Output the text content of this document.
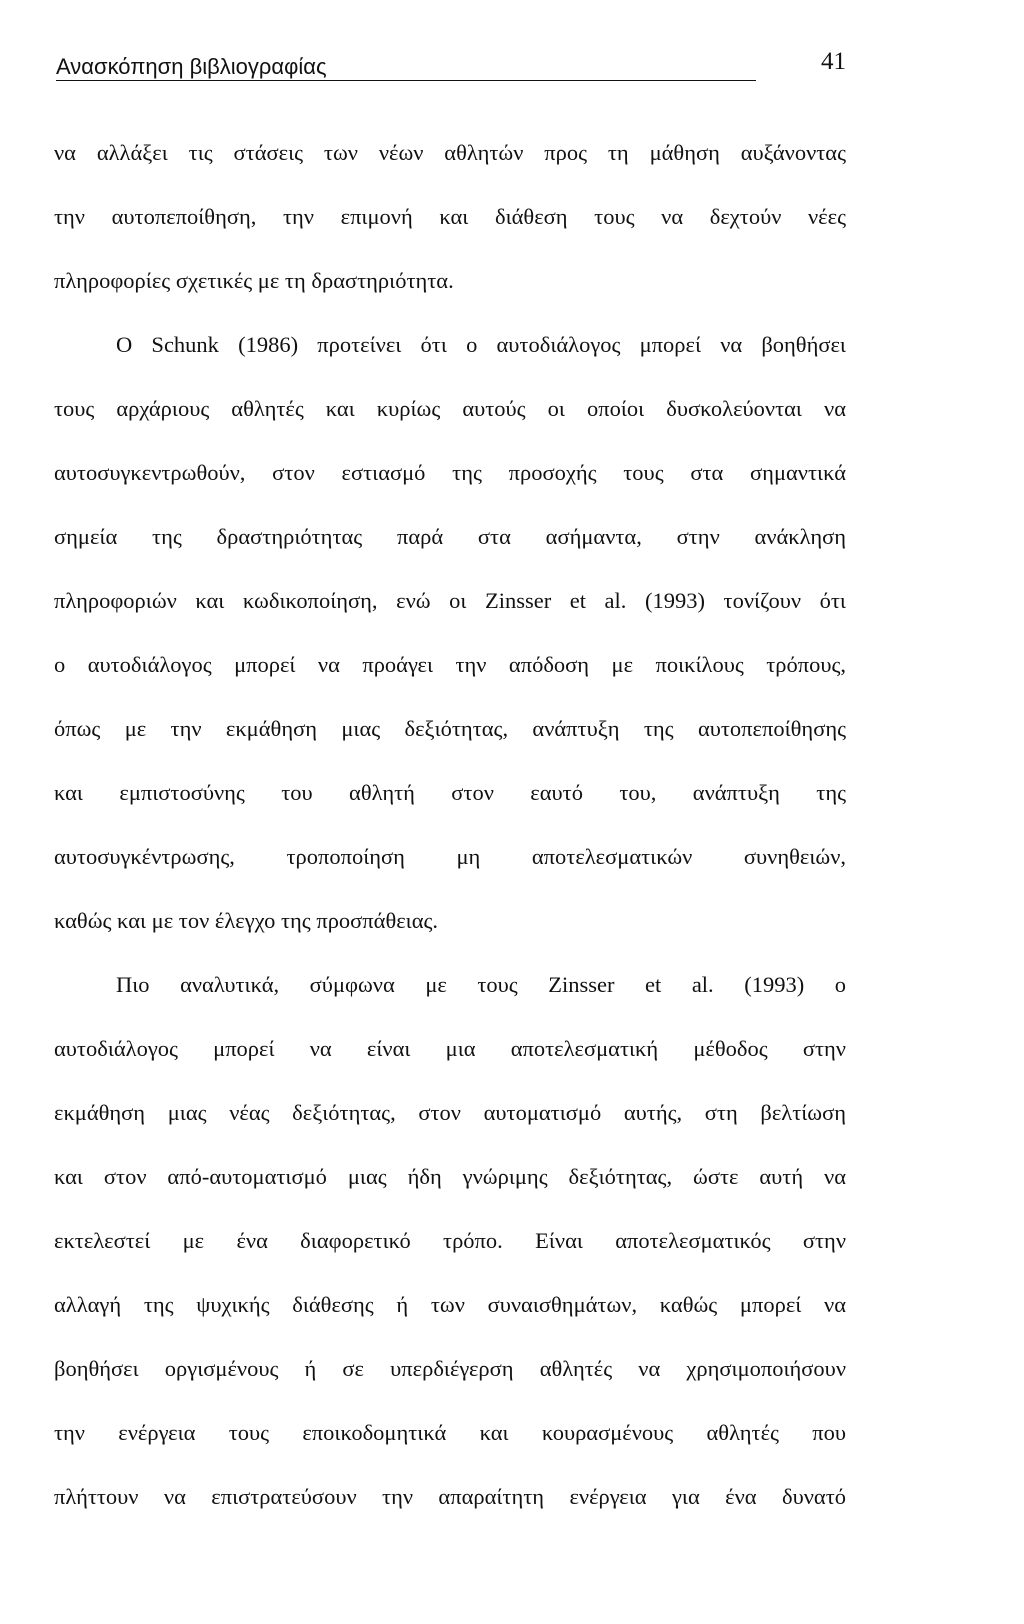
Ανασκόπηση βιβλιογραφίας	41
να αλλάξει τις στάσεις των νέων αθλητών προς τη μάθηση αυξάνοντας
την αυτοπεποίθηση, την επιμονή και διάθεση τους να δεχτούν νέες
πληροφορίες σχετικές με τη δραστηριότητα.
Ο Schunk (1986) προτείνει ότι ο αυτοδιάλογος μπορεί να βοηθήσει
τους αρχάριους αθλητές και κυρίως αυτούς οι οποίοι δυσκολεύονται να
αυτοσυγκεντρωθούν, στον εστιασμό της προσοχής τους στα σημαντικά
σημεία της δραστηριότητας παρά στα ασήμαντα, στην ανάκληση
πληροφοριών και κωδικοποίηση, ενώ οι Zinsser et al. (1993) τονίζουν ότι
ο αυτοδιάλογος μπορεί να προάγει την απόδοση με ποικίλους τρόπους,
όπως με την εκμάθηση μιας δεξιότητας, ανάπτυξη της αυτοπεποίθησης
και εμπιστοσύνης του αθλητή στον εαυτό του, ανάπτυξη της
αυτοσυγκέντρωσης, τροποποίηση μη αποτελεσματικών συνηθειών,
καθώς και με τον έλεγχο της προσπάθειας.
Πιο αναλυτικά, σύμφωνα με τους Zinsser et al. (1993) ο
αυτοδιάλογος μπορεί να είναι μια αποτελεσματική μέθοδος στην
εκμάθηση μιας νέας δεξιότητας, στον αυτοματισμό αυτής, στη βελτίωση
και στον από-αυτοματισμό μιας ήδη γνώριμης δεξιότητας, ώστε αυτή να
εκτελεστεί με ένα διαφορετικό τρόπο. Είναι αποτελεσματικός στην
αλλαγή της ψυχικής διάθεσης ή των συναισθημάτων, καθώς μπορεί να
βοηθήσει οργισμένους ή σε υπερδιέγερση αθλητές να χρησιμοποιήσουν
την ενέργεια τους εποικοδομητικά και κουρασμένους αθλητές που
πλήττουν να επιστρατεύσουν την απαραίτητη ενέργεια για ένα δυνατό
